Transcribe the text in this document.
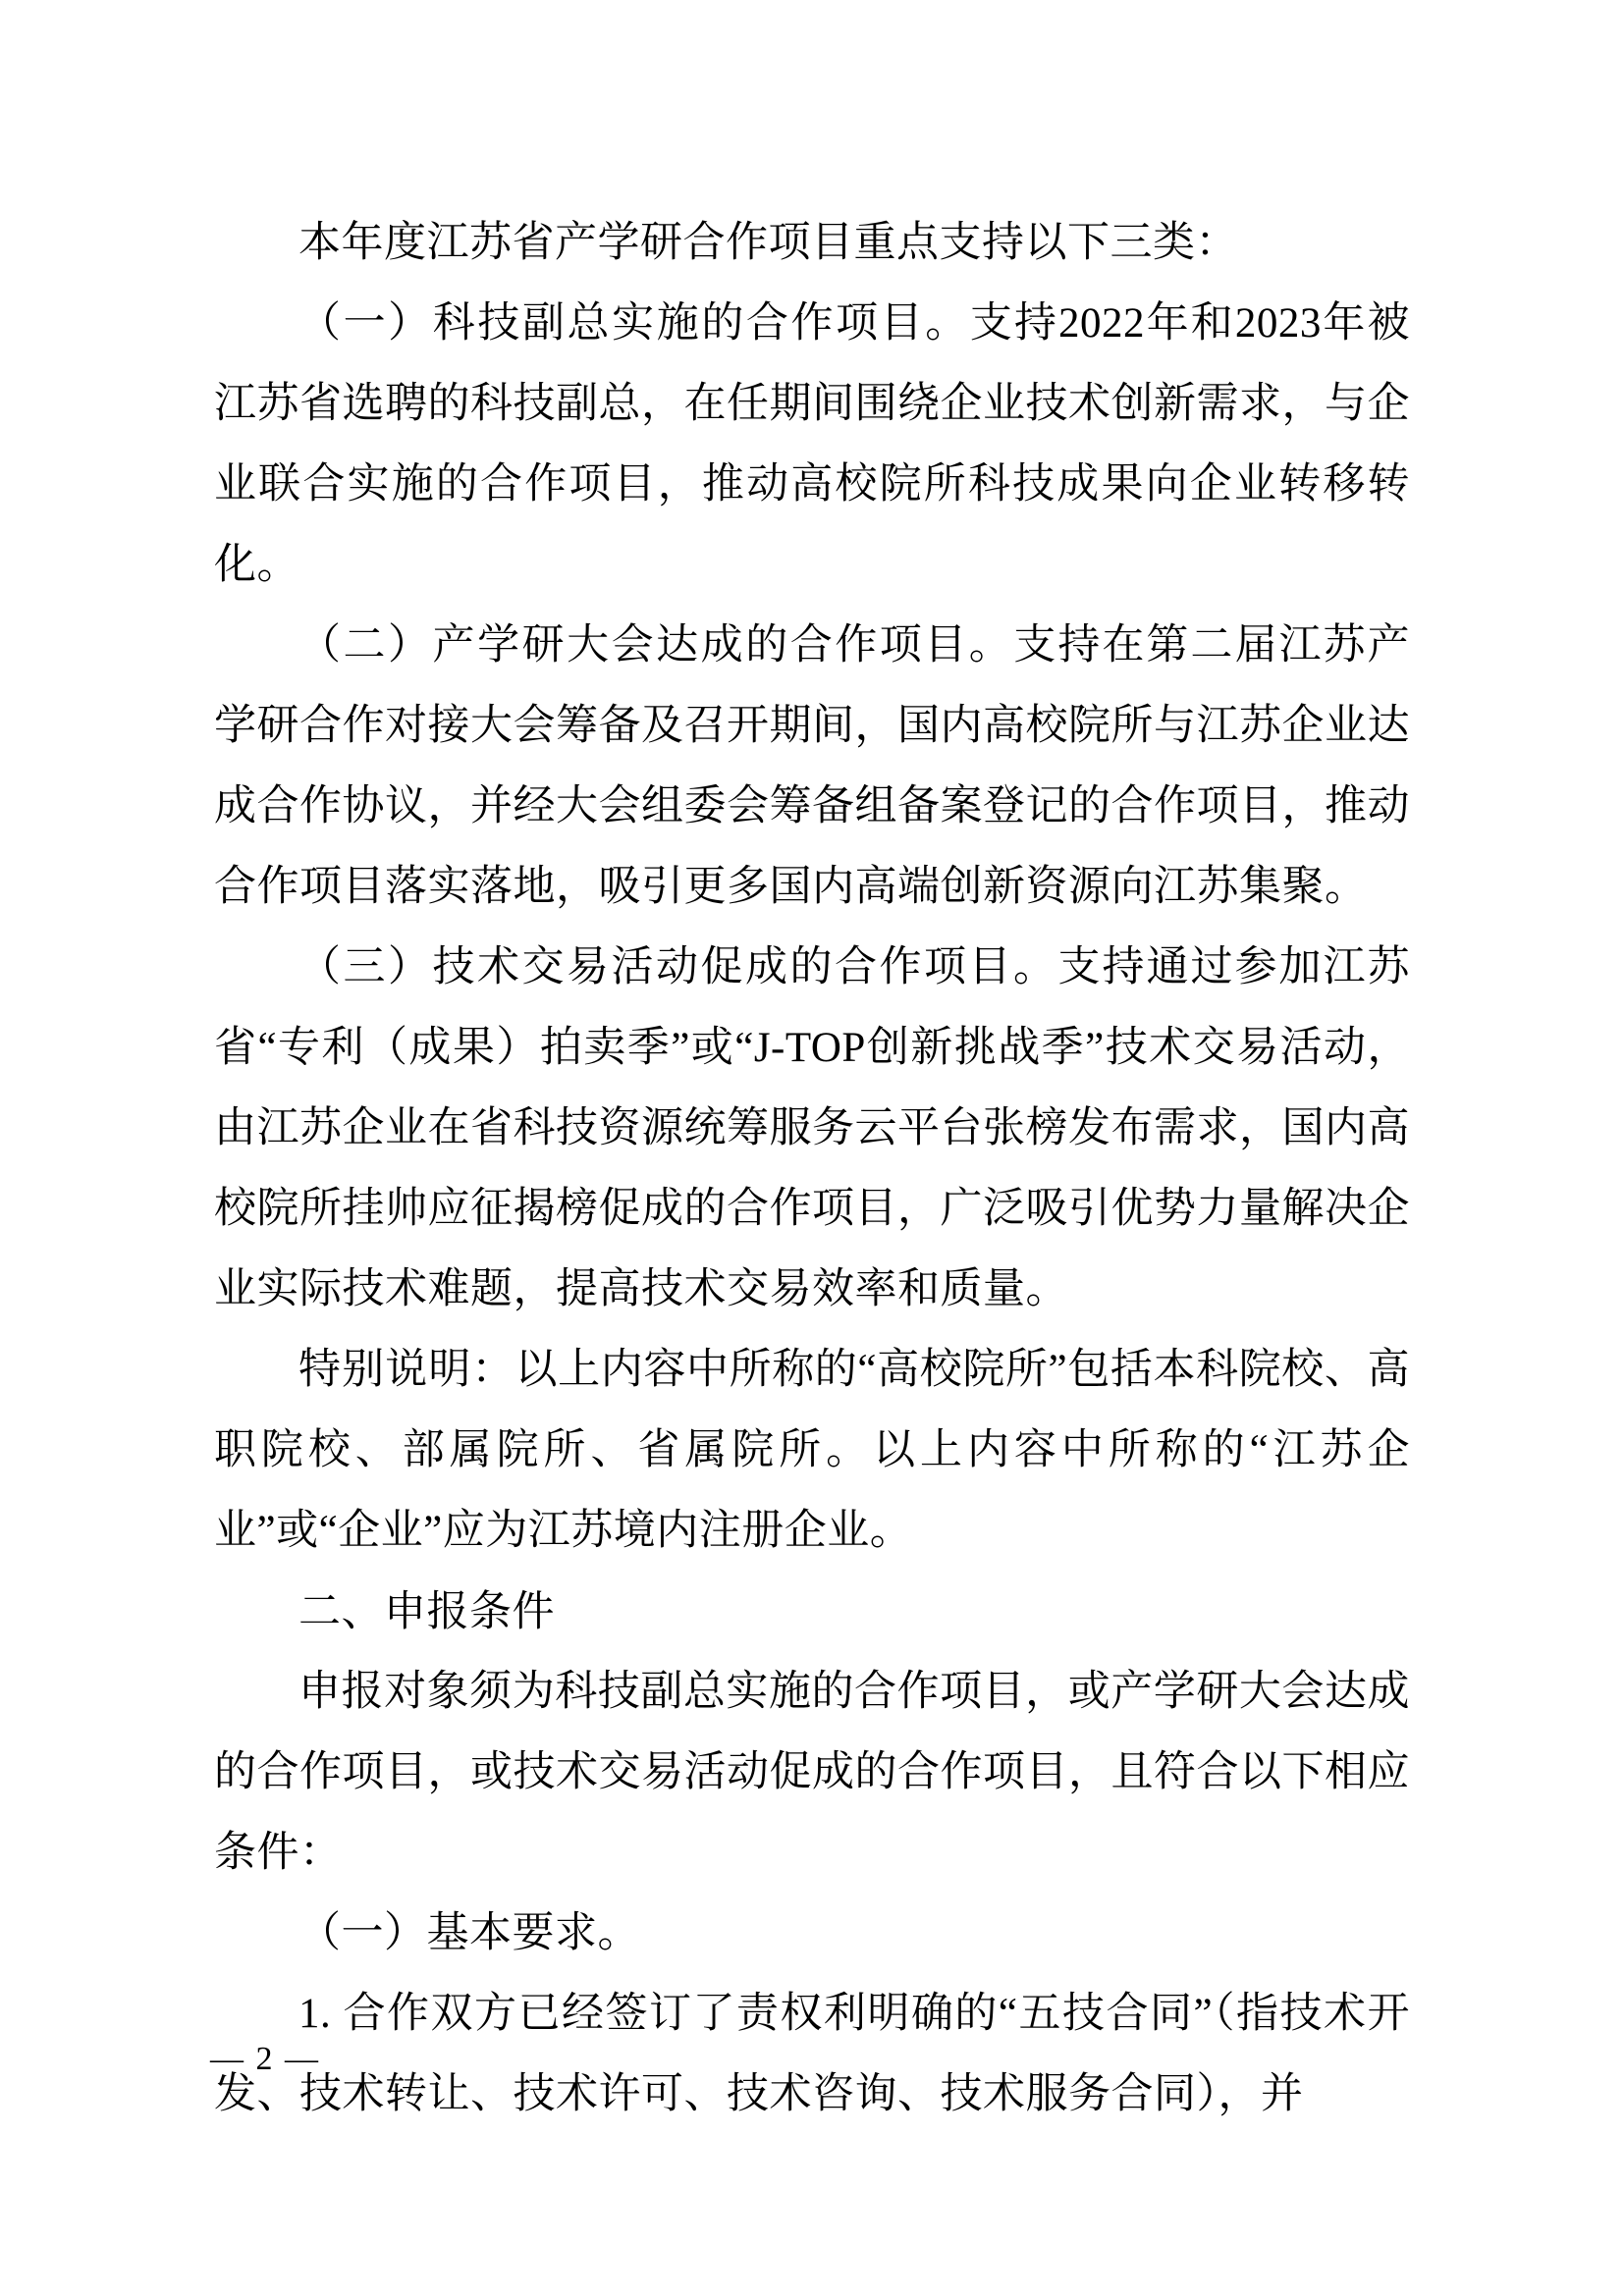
本年度江苏省产学研合作项目重点支持以下三类：

（一）科技副总实施的合作项目。支持2022年和2023年被江苏省选聘的科技副总，在任期间围绕企业技术创新需求，与企业联合实施的合作项目，推动高校院所科技成果向企业转移转化。

（二）产学研大会达成的合作项目。支持在第二届江苏产学研合作对接大会筹备及召开期间，国内高校院所与江苏企业达成合作协议，并经大会组委会筹备组备案登记的合作项目，推动合作项目落实落地，吸引更多国内高端创新资源向江苏集聚。

（三）技术交易活动促成的合作项目。支持通过参加江苏省“专利（成果）拍卖季”或“J-TOP创新挑战季”技术交易活动，由江苏企业在省科技资源统筹服务云平台张榜发布需求，国内高校院所挂帅应征揭榜促成的合作项目，广泛吸引优势力量解决企业实际技术难题，提高技术交易效率和质量。

特别说明：以上内容中所称的“高校院所”包括本科院校、高职院校、部属院所、省属院所。以上内容中所称的“江苏企业”或“企业”应为江苏境内注册企业。

二、申报条件

申报对象须为科技副总实施的合作项目，或产学研大会达成的合作项目，或技术交易活动促成的合作项目，且符合以下相应条件：

（一）基本要求。

1. 合作双方已经签订了责权利明确的“五技合同”（指技术开发、技术转让、技术许可、技术咨询、技术服务合同），并

— 2 —
